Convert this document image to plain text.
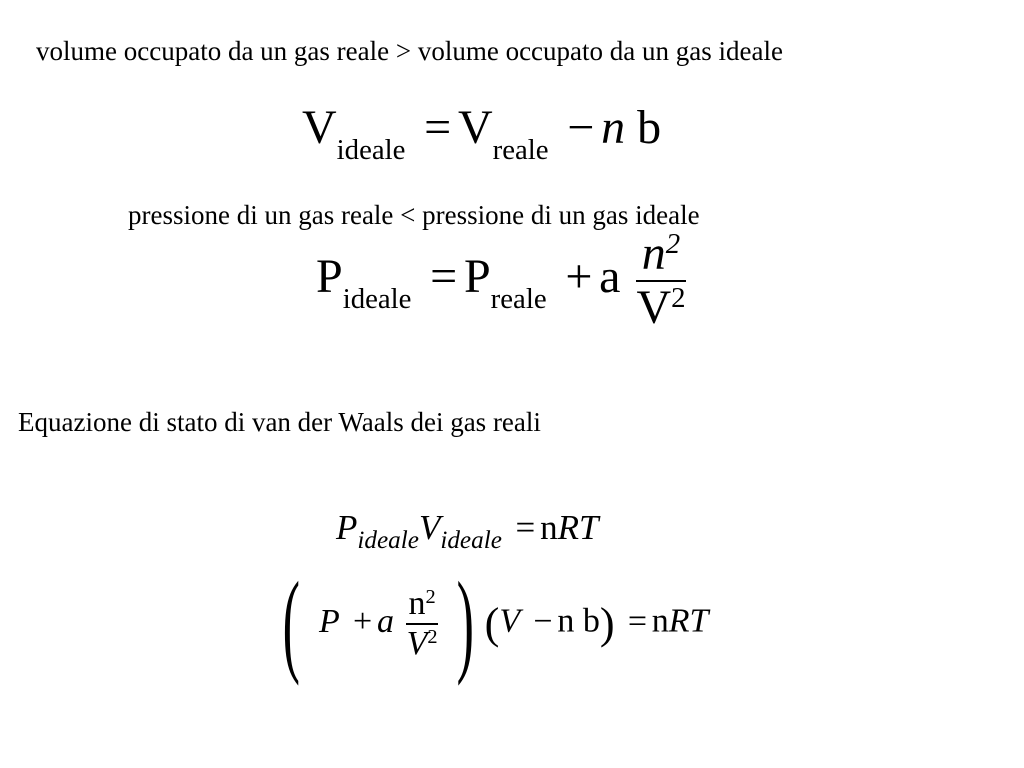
volume occupato da un gas reale > volume occupato da un gas ideale
$V_{ideale} = V_{reale} - n$ b
pressione di un gas reale < pressione di un gas ideale
$P_{ideale} = P_{reale} + a \frac{n^2}{V^2}$
Equazione di stato di van der Waals dei gas reali
$P_{ideale}V_{ideale}$ = nRT
( P + a $\frac{n^2}{V^2}$ ) (V − n b) = nRT
